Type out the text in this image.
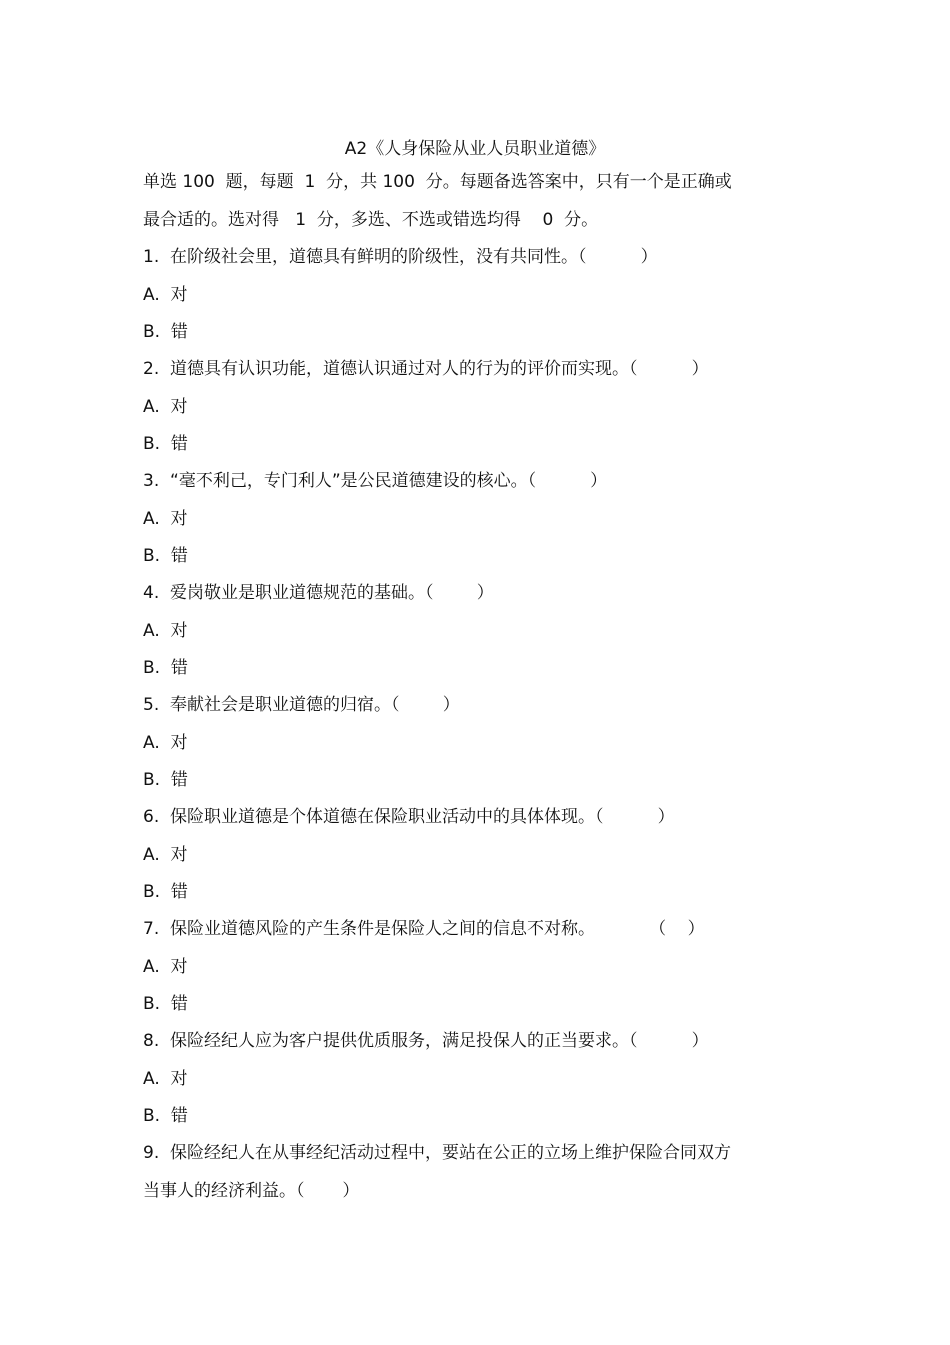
A2《人身保险从业人员职业道德》
单选 100  题，每题  1  分，共 100  分。每题备选答案中，只有一个是正确或
最合适的。选对得   1  分，多选、不选或错选均得    0  分。
1.  在阶级社会里，道德具有鲜明的阶级性，没有共同性。（          ）
A.  对
B.  错
2.  道德具有认识功能，道德认识通过对人的行为的评价而实现。（          ）
A.  对
B.  错
3.  “毫不利己，专门利人”是公民道德建设的核心。（          ）
A.  对
B.  错
4.  爱岗敬业是职业道德规范的基础。（        ）
A.  对
B.  错
5.  奉献社会是职业道德的归宿。（        ）
A.  对
B.  错
6.  保险职业道德是个体道德在保险职业活动中的具体体现。（          ）
A.  对
B.  错
7.  保险业道德风险的产生条件是保险人之间的信息不对称。          （    ）
A.  对
B.  错
8.  保险经纪人应为客户提供优质服务，满足投保人的正当要求。（          ）
A.  对
B.  错
9.  保险经纪人在从事经纪活动过程中，要站在公正的立场上维护保险合同双方
当事人的经济利益。（       ）
